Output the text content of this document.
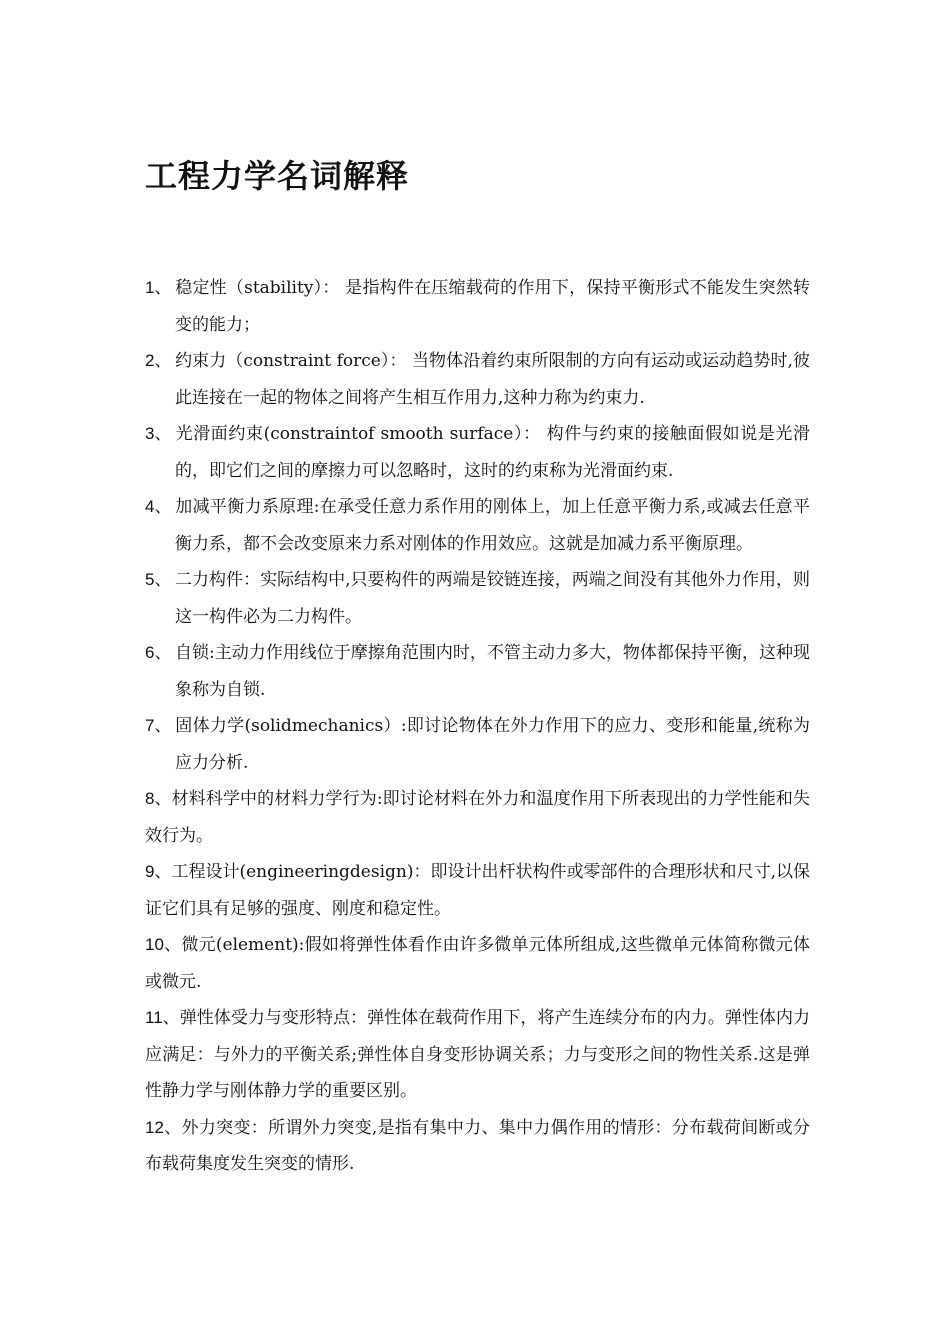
工程力学名词解释
1、 稳定性（stability）： 是指构件在压缩载荷的作用下，保持平衡形式不能发生突然转变的能力；
2、 约束力（constraint force）： 当物体沿着约束所限制的方向有运动或运动趋势时,彼此连接在一起的物体之间将产生相互作用力,这种力称为约束力.
3、 光滑面约束(constraintof smooth surface）： 构件与约束的接触面假如说是光滑的，即它们之间的摩擦力可以忽略时，这时的约束称为光滑面约束.
4、 加减平衡力系原理:在承受任意力系作用的刚体上，加上任意平衡力系,或减去任意平衡力系，都不会改变原来力系对刚体的作用效应。这就是加减力系平衡原理。
5、 二力构件：实际结构中,只要构件的两端是铰链连接，两端之间没有其他外力作用，则这一构件必为二力构件。
6、 自锁:主动力作用线位于摩擦角范围内时，不管主动力多大，物体都保持平衡，这种现象称为自锁.
7、 固体力学(solidmechanics）:即讨论物体在外力作用下的应力、变形和能量,统称为应力分析.
8、材料科学中的材料力学行为:即讨论材料在外力和温度作用下所表现出的力学性能和失效行为。
9、工程设计(engineeringdesign)：即设计出杆状构件或零部件的合理形状和尺寸,以保证它们具有足够的强度、刚度和稳定性。
10、微元(element):假如将弹性体看作由许多微单元体所组成,这些微单元体简称微元体或微元.
11、弹性体受力与变形特点：弹性体在载荷作用下，将产生连续分布的内力。弹性体内力应满足：与外力的平衡关系;弹性体自身变形协调关系；力与变形之间的物性关系.这是弹性静力学与刚体静力学的重要区别。
12、外力突变：所谓外力突变,是指有集中力、集中力偶作用的情形：分布载荷间断或分布载荷集度发生突变的情形.
